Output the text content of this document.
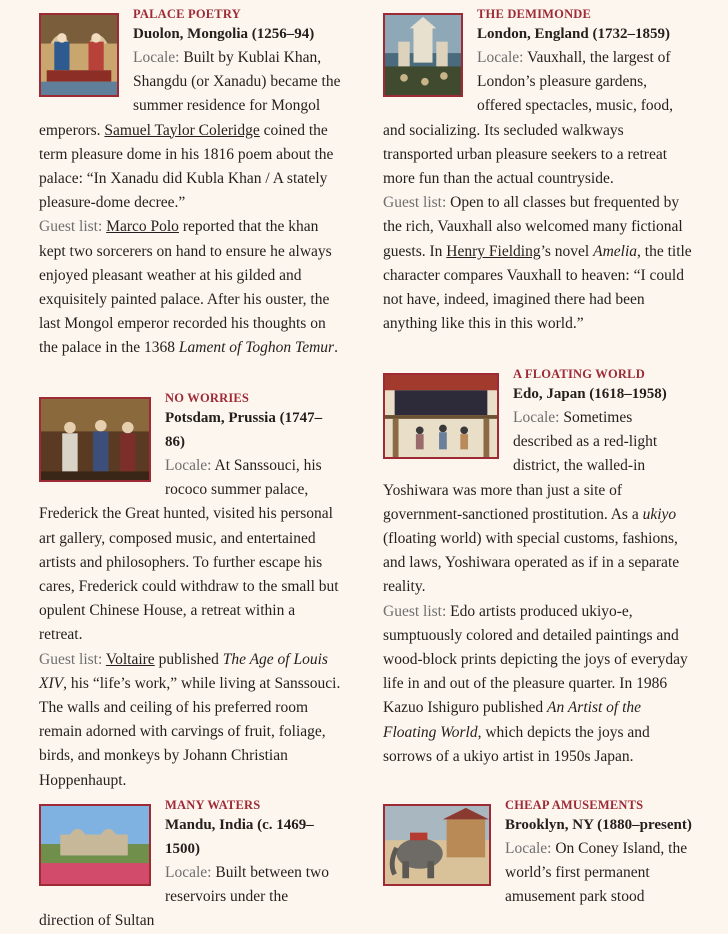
PALACE POETRY
Duolon, Mongolia (1256–94)

Locale: Built by Kublai Khan, Shangdu (or Xanadu) became the summer residence for Mongol emperors. Samuel Taylor Coleridge coined the term pleasure dome in his 1816 poem about the palace: “In Xanadu did Kubla Khan / A stately pleasure-dome decree.”

Guest list: Marco Polo reported that the khan kept two sorcerers on hand to ensure he always enjoyed pleasant weather at his gilded and exquisitely painted palace. After his ouster, the last Mongol emperor recorded his thoughts on the palace in the 1368 Lament of Toghon Temur.

THE DEMIMONDE
London, England (1732–1859)

Locale: Vauxhall, the largest of London’s pleasure gardens, offered spectacles, music, food, and socializing. Its secluded walkways transported urban pleasure seekers to a retreat more fun than the actual countryside.

Guest list: Open to all classes but frequented by the rich, Vauxhall also welcomed many fictional guests. In Henry Fielding’s novel Amelia, the title character compares Vauxhall to heaven: “I could not have, indeed, imagined there had been anything like this in this world.”

NO WORRIES
Potsdam, Prussia (1747–86)

Locale: At Sanssouci, his rococo summer palace, Frederick the Great hunted, visited his personal art gallery, composed music, and entertained artists and philosophers. To further escape his cares, Frederick could withdraw to the small but opulent Chinese House, a retreat within a retreat.

Guest list: Voltaire published The Age of Louis XIV, his “life’s work,” while living at Sanssouci. The walls and ceiling of his preferred room remain adorned with carvings of fruit, foliage, birds, and monkeys by Johann Christian Hoppenhaupt.

A FLOATING WORLD
Edo, Japan (1618–1958)

Locale: Sometimes described as a red-light district, the walled-in Yoshiwara was more than just a site of government-sanctioned prostitution. As a ukiyo (floating world) with special customs, fashions, and laws, Yoshiwara operated as if in a separate reality.

Guest list: Edo artists produced ukiyo-e, sumptuously colored and detailed paintings and wood-block prints depicting the joys of everyday life in and out of the pleasure quarter. In 1986 Kazuo Ishiguro published An Artist of the Floating World, which depicts the joys and sorrows of a ukiyo artist in 1950s Japan.

MANY WATERS
Mandu, India (c. 1469–1500)

Locale: Built between two reservoirs under the direction of Sultan

CHEAP AMUSEMENTS
Brooklyn, NY (1880–present)

Locale: On Coney Island, the world’s first permanent amusement park stood
